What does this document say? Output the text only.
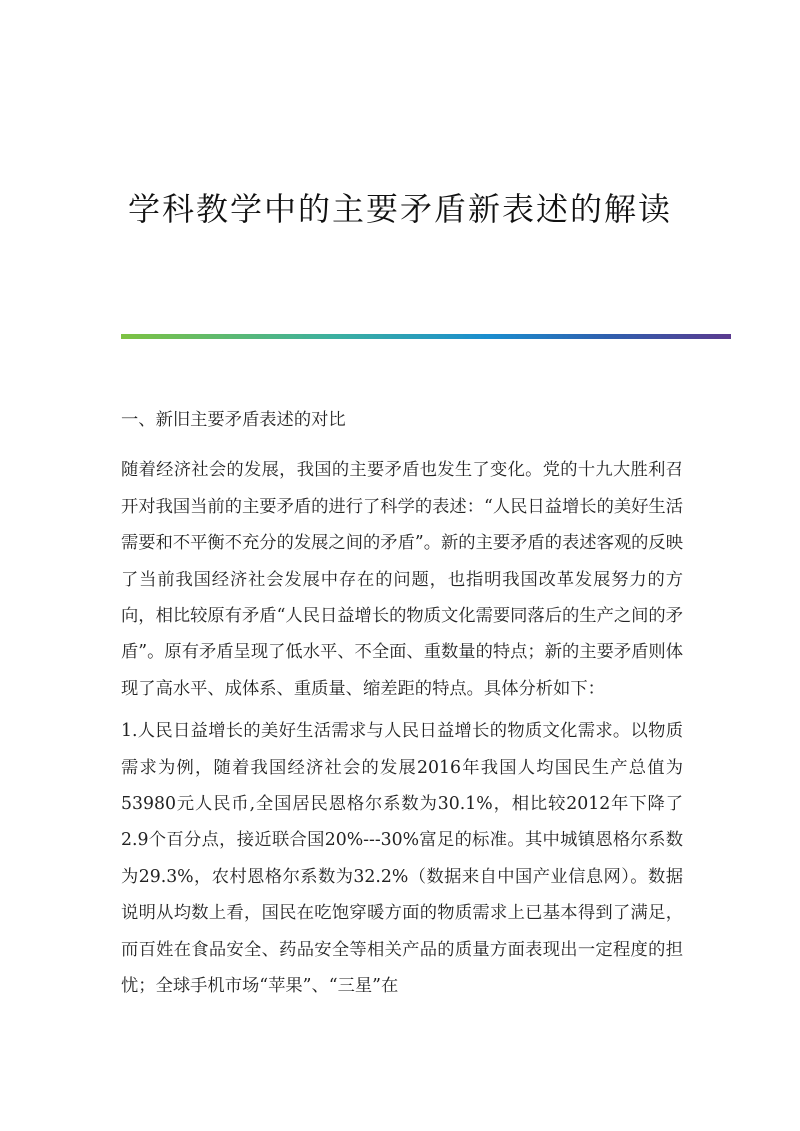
学科教学中的主要矛盾新表述的解读

一、新旧主要矛盾表述的对比

随着经济社会的发展，我国的主要矛盾也发生了变化。党的十九大胜利召开对我国当前的主要矛盾的进行了科学的表述：“人民日益增长的美好生活需要和不平衡不充分的发展之间的矛盾”。新的主要矛盾的表述客观的反映了当前我国经济社会发展中存在的问题，也指明我国改革发展努力的方向，相比较原有矛盾“人民日益增长的物质文化需要同落后的生产之间的矛盾”。原有矛盾呈现了低水平、不全面、重数量的特点；新的主要矛盾则体现了高水平、成体系、重质量、缩差距的特点。具体分析如下：

1.人民日益增长的美好生活需求与人民日益增长的物质文化需求。以物质需求为例，随着我国经济社会的发展2016年我国人均国民生产总值为53980元人民币,全国居民恩格尔系数为30.1%，相比较2012年下降了2.9个百分点，接近联合国20%---30%富足的标准。其中城镇恩格尔系数为29.3%，农村恩格尔系数为32.2%（数据来自中国产业信息网）。数据说明从均数上看，国民在吃饱穿暖方面的物质需求上已基本得到了满足，而百姓在食品安全、药品安全等相关产品的质量方面表现出一定程度的担忧；全球手机市场“苹果”、“三星”在
